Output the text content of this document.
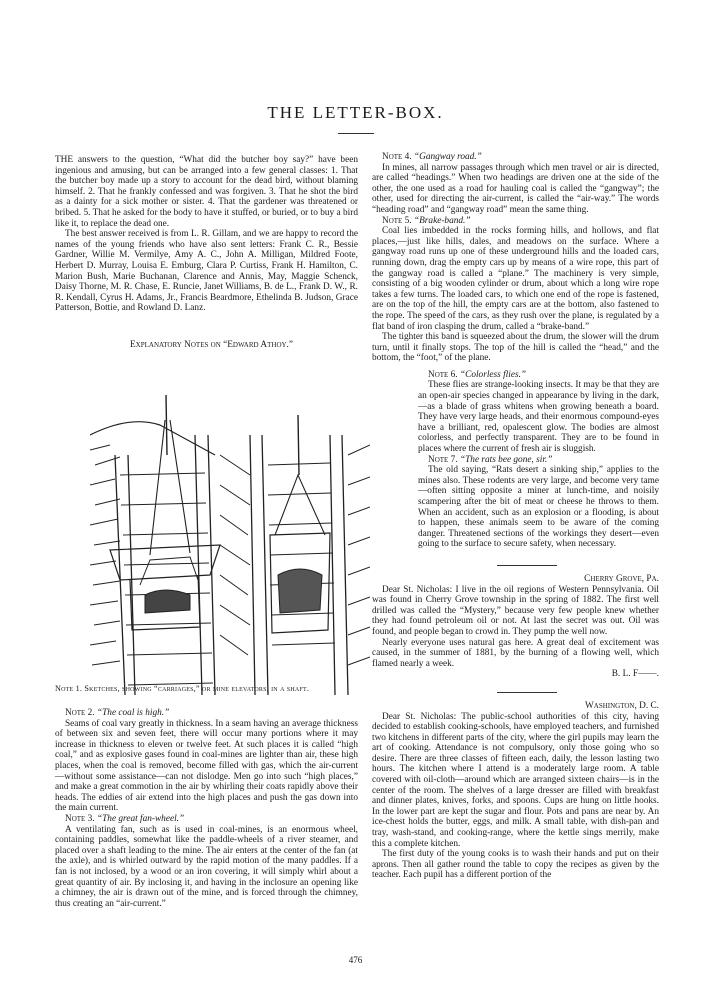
THE LETTER-BOX.

THE answers to the question, “What did the butcher boy say?” have been ingenious and amusing, but can be arranged into a few general classes: 1. That the butcher boy made up a story to account for the dead bird, without blaming himself. 2. That he frankly confessed and was forgiven. 3. That he shot the bird as a dainty for a sick mother or sister. 4. That the gardener was threatened or bribed. 5. That he asked for the body to have it stuffed, or buried, or to buy a bird like it, to replace the dead one.

The best answer received is from L. R. Gillam, and we are happy to record the names of the young friends who have also sent letters: Frank C. R., Bessie Gardner, Willie M. Vermilye, Amy A. C., John A. Milligan, Mildred Foote, Herbert D. Murray, Louisa E. Emburg, Clara P. Curtiss, Frank H. Hamilton, C. Marion Bush, Marie Buchanan, Clarence and Annis, May, Maggie Schenck, Daisy Thorne, M. R. Chase, E. Runcie, Janet Williams, B. de L., Frank D. W., R. R. Kendall, Cyrus H. Adams, Jr., Francis Beardmore, Ethelinda B. Judson, Grace Patterson, Bottie, and Rowland D. Lanz.

Explanatory Notes on “Edward Athoy.”

Note 1. Sketches, showing “carriages,” or mine elevators, in a shaft.

Note 2. “The coal is high.”

Seams of coal vary greatly in thickness. In a seam having an average thickness of between six and seven feet, there will occur many portions where it may increase in thickness to eleven or twelve feet. At such places it is called “high coal,” and as explosive gases found in coal-mines are lighter than air, these high places, when the coal is removed, become filled with gas, which the air-current—without some assistance—can not dislodge. Men go into such “high places,” and make a great commotion in the air by whirling their coats rapidly above their heads. The eddies of air extend into the high places and push the gas down into the main current.

Note 3. “The great fan-wheel.”

A ventilating fan, such as is used in coal-mines, is an enormous wheel, containing paddles, somewhat like the paddle-wheels of a river steamer, and placed over a shaft leading to the mine. The air enters at the center of the fan (at the axle), and is whirled outward by the rapid motion of the many paddles. If a fan is not inclosed, by a wood or an iron covering, it will simply whirl about a great quantity of air. By inclosing it, and having in the inclosure an opening like a chimney, the air is drawn out of the mine, and is forced through the chimney, thus creating an “air-current.”

Note 4. “Gangway road.”

In mines, all narrow passages through which men travel or air is directed, are called “headings.” When two headings are driven one at the side of the other, the one used as a road for hauling coal is called the “gangway”; the other, used for directing the air-current, is called the “air-way.” The words “heading road” and “gangway road” mean the same thing.

Note 5. “Brake-band.”

Coal lies imbedded in the rocks forming hills, and hollows, and flat places,—just like hills, dales, and meadows on the surface. Where a gangway road runs up one of these underground hills and the loaded cars, running down, drag the empty cars up by means of a wire rope, this part of the gangway road is called a “plane.” The machinery is very simple, consisting of a big wooden cylinder or drum, about which a long wire rope takes a few turns. The loaded cars, to which one end of the rope is fastened, are on the top of the hill, the empty cars are at the bottom, also fastened to the rope. The speed of the cars, as they rush over the plane, is regulated by a flat band of iron clasping the drum, called a “brake-band.”

The tighter this band is squeezed about the drum, the slower will the drum turn, until it finally stops. The top of the hill is called the “head,” and the bottom, the “foot,” of the plane.

Note 6. “Colorless flies.”

These flies are strange-looking insects. It may be that they are an open-air species changed in appearance by living in the dark,—as a blade of grass whitens when growing beneath a board. They have very large heads, and their enormous compound-eyes have a brilliant, red, opalescent glow. The bodies are almost colorless, and perfectly transparent. They are to be found in places where the current of fresh air is sluggish.

Note 7. “The rats bee gone, sir.”

The old saying, “Rats desert a sinking ship,” applies to the mines also. These rodents are very large, and become very tame—often sitting opposite a miner at lunch-time, and noisily scampering after the bit of meat or cheese he throws to them. When an accident, such as an explosion or a flooding, is about to happen, these animals seem to be aware of the coming danger. Threatened sections of the workings they desert—even going to the surface to secure safety, when necessary.

Cherry Grove, Pa.

Dear St. Nicholas: I live in the oil regions of Western Pennsylvania. Oil was found in Cherry Grove township in the spring of 1882. The first well drilled was called the “Mystery,” because very few people knew whether they had found petroleum oil or not. At last the secret was out. Oil was found, and people began to crowd in. They pump the well now.

Nearly everyone uses natural gas here. A great deal of excitement was caused, in the summer of 1881, by the burning of a flowing well, which flamed nearly a week.

B. L. F——.

Washington, D. C.

Dear St. Nicholas: The public-school authorities of this city, having decided to establish cooking-schools, have employed teachers, and furnished two kitchens in different parts of the city, where the girl pupils may learn the art of cooking. Attendance is not compulsory, only those going who so desire. There are three classes of fifteen each, daily, the lesson lasting two hours. The kitchen where I attend is a moderately large room. A table covered with oil-cloth—around which are arranged sixteen chairs—is in the center of the room. The shelves of a large dresser are filled with breakfast and dinner plates, knives, forks, and spoons. Cups are hung on little hooks. In the lower part are kept the sugar and flour. Pots and pans are near by. An ice-chest holds the butter, eggs, and milk. A small table, with dish-pan and tray, wash-stand, and cooking-range, where the kettle sings merrily, make this a complete kitchen.

The first duty of the young cooks is to wash their hands and put on their aprons. Then all gather round the table to copy the recipes as given by the teacher. Each pupil has a different portion of the

476
